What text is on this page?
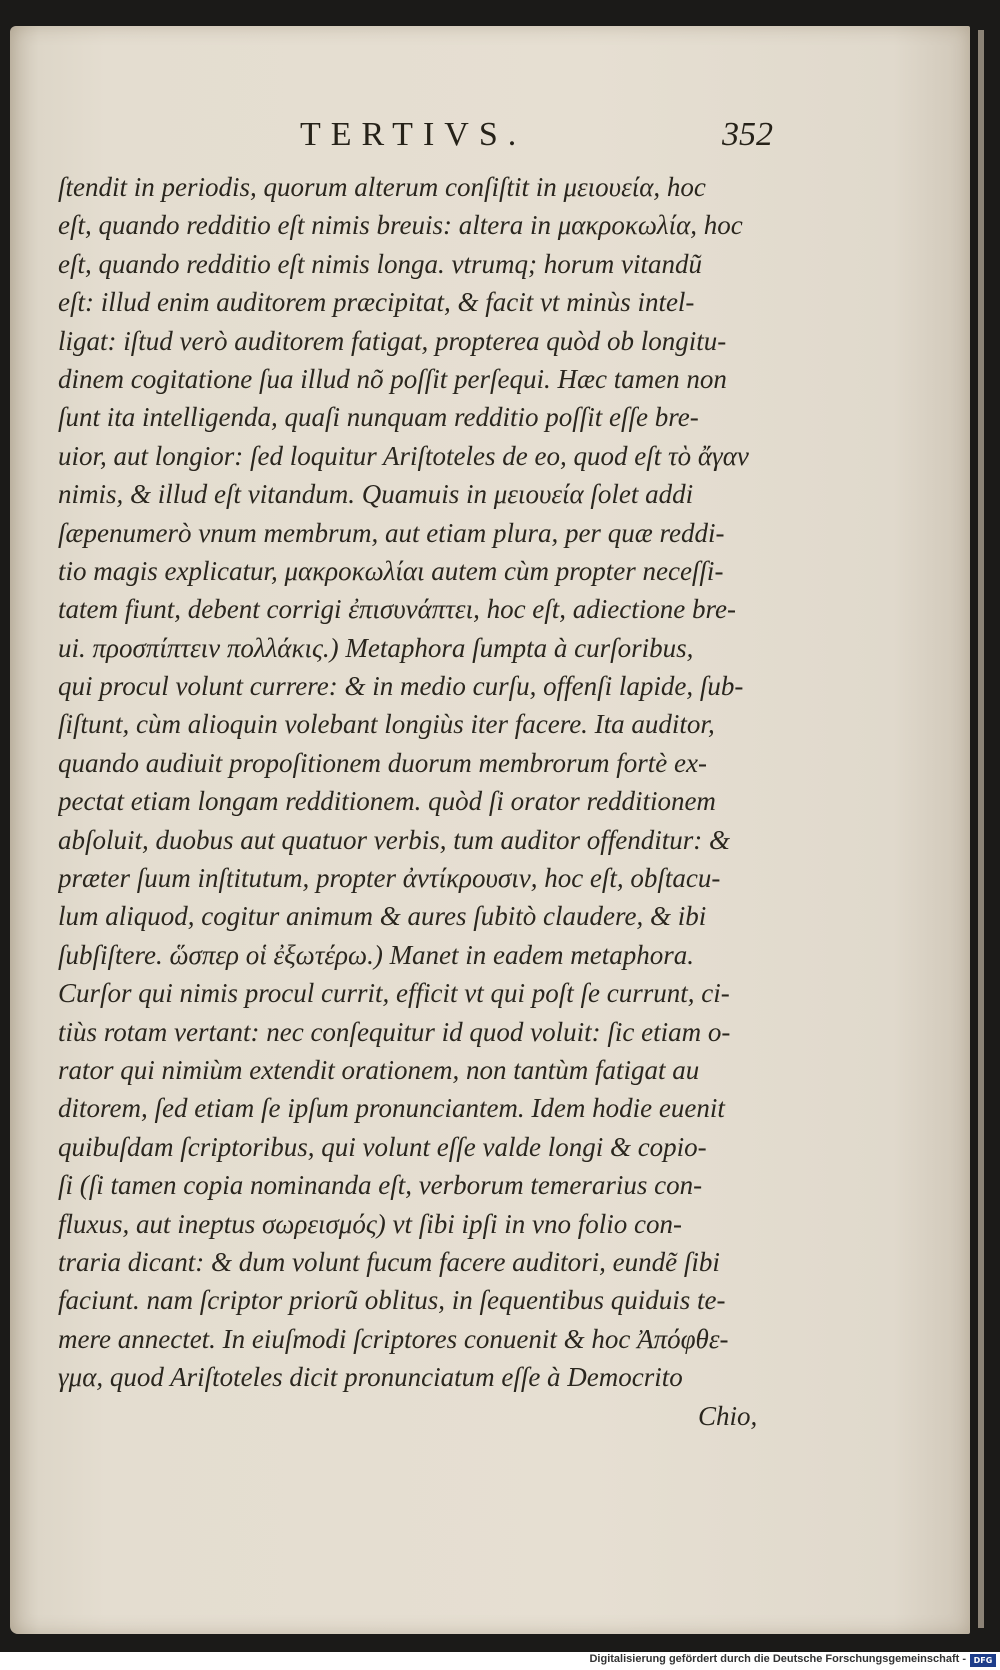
TERTIVS.	352
ſtendit in periodis, quorum alterum conſiſtit in μειουεία, hoc
eſt, quando redditio eſt nimis breuis: altera in μακροκωλία, hoc
eſt, quando redditio eſt nimis longa. vtrumq; horum vitandũ
eſt: illud enim auditorem præcipitat, & facit vt minùs intel-
ligat: iſtud verò auditorem fatigat, propterea quòd ob longitu-
dinem cogitatione ſua illud nõ poſſit perſequi. Hæc tamen non
ſunt ita intelligenda, quaſi nunquam redditio poſſit eſſe bre-
uior, aut longior: ſed loquitur Ariſtoteles de eo, quod eſt τὸ ἄγαν
nimis, & illud eſt vitandum. Quamuis in μειουεία ſolet addi
ſæpenumerò vnum membrum, aut etiam plura, per quæ reddi-
tio magis explicatur, μακροκωλίαι autem cùm propter neceſſi-
tatem fiunt, debent corrigi ἐπισυνάπτει, hoc eſt, adiectione bre-
ui. προσπίπτειν πολλάκις.) Metaphora ſumpta à curſoribus,
qui procul volunt currere: & in medio curſu, offenſi lapide, ſub-
ſiſtunt, cùm alioquin volebant longiùs iter facere. Ita auditor,
quando audiuit propoſitionem duorum membrorum fortè ex-
pectat etiam longam redditionem. quòd ſi orator redditionem
abſoluit, duobus aut quatuor verbis, tum auditor offenditur: &
præter ſuum inſtitutum, propter ἀντίκρουσιν, hoc eſt, obſtacu-
lum aliquod, cogitur animum & aures ſubitò claudere, & ibi
ſubſiſtere. ὥσπερ οἱ ἐξωτέρω.) Manet in eadem metaphora.
Curſor qui nimis procul currit, efficit vt qui poſt ſe currunt, ci-
tiùs rotam vertant: nec conſequitur id quod voluit: ſic etiam o-
rator qui nimiùm extendit orationem, non tantùm fatigat au
ditorem, ſed etiam ſe ipſum pronunciantem. Idem hodie euenit
quibuſdam ſcriptoribus, qui volunt eſſe valde longi & copio-
ſi (ſi tamen copia nominanda eſt, verborum temerarius con-
fluxus, aut ineptus σωρεισμός) vt ſibi ipſi in vno folio con-
traria dicant: & dum volunt fucum facere auditori, eundẽ ſibi
faciunt. nam ſcriptor priorũ oblitus, in ſequentibus quiduis te-
mere annectet. In eiuſmodi ſcriptores conuenit & hoc Ἀπόφθε-
γμα, quod Ariſtoteles dicit pronunciatum eſſe à Democrito
Chio,
Digitalisierung gefördert durch die Deutsche Forschungsgemeinschaft - DFG
